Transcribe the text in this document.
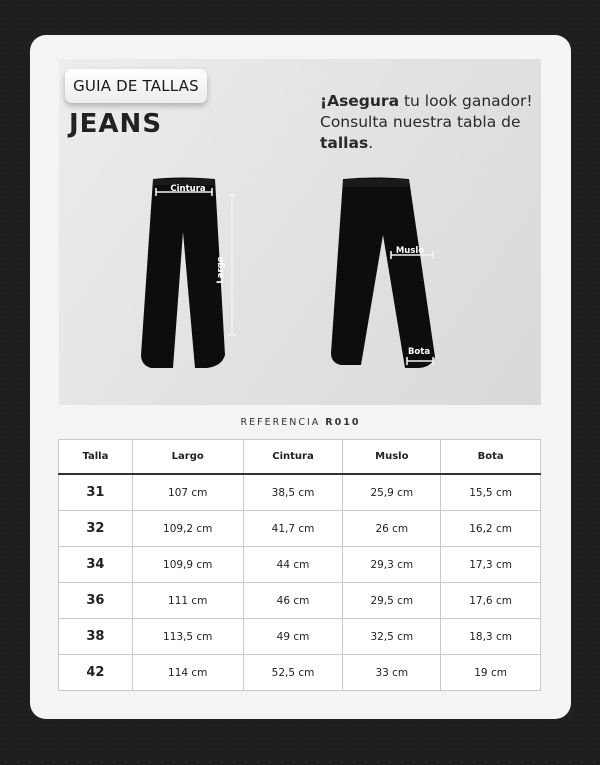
GUIA DE TALLAS
JEANS
¡Asegura tu look ganador!
Consulta nuestra tabla de
tallas.
Cintura
Largo
Muslo
Bota
REFERENCIA R010
Talla	Largo	Cintura	Muslo	Bota
31	107 cm	38,5 cm	25,9 cm	15,5 cm
32	109,2 cm	41,7 cm	26 cm	16,2 cm
34	109,9 cm	44 cm	29,3 cm	17,3 cm
36	111 cm	46 cm	29,5 cm	17,6 cm
38	113,5 cm	49 cm	32,5 cm	18,3 cm
42	114 cm	52,5 cm	33 cm	19 cm
